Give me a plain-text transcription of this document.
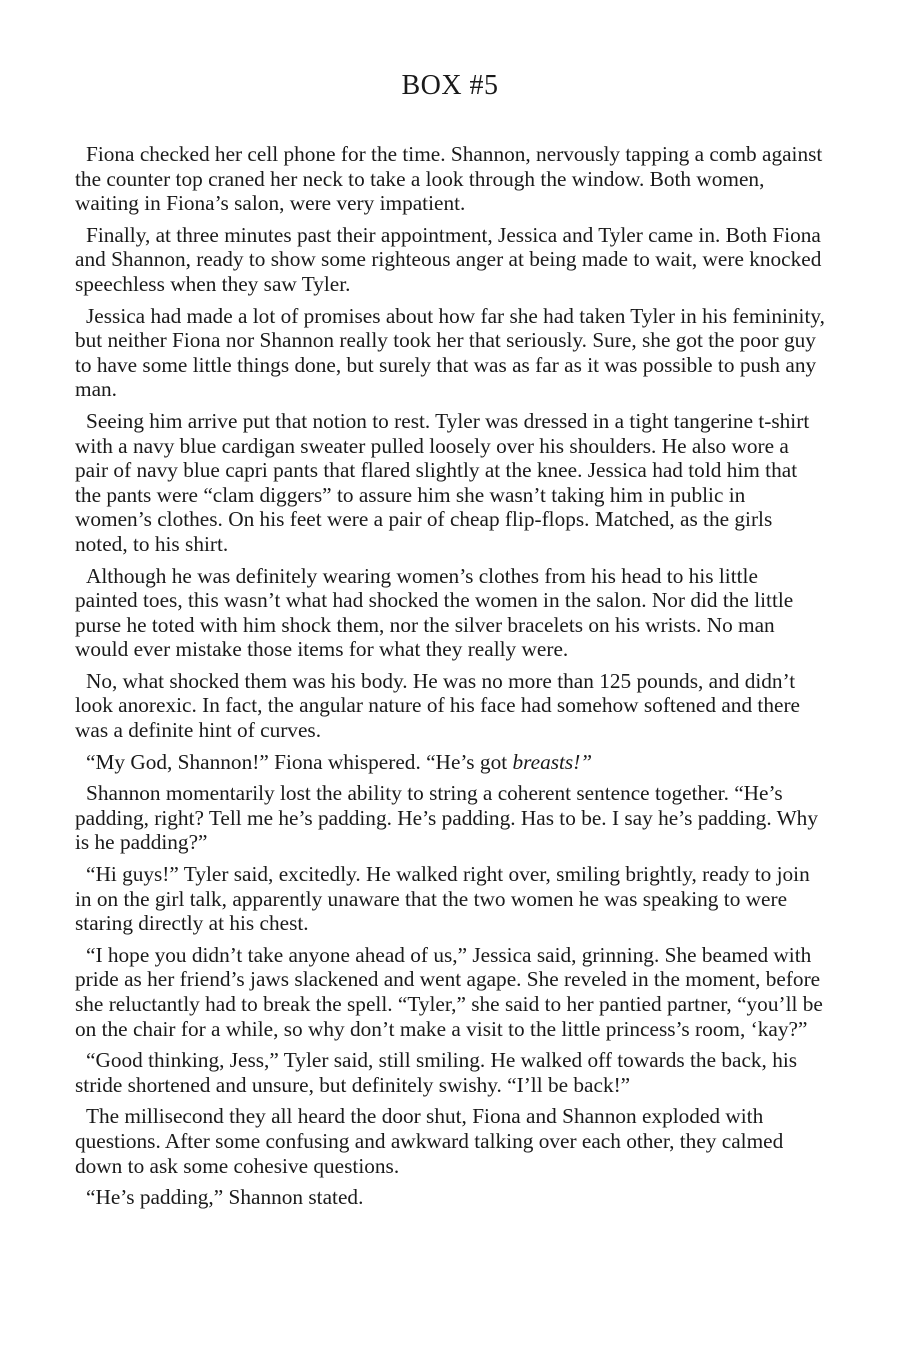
BOX #5

Fiona checked her cell phone for the time. Shannon, nervously tapping a comb against the counter top craned her neck to take a look through the window. Both women, waiting in Fiona’s salon, were very impatient.

Finally, at three minutes past their appointment, Jessica and Tyler came in. Both Fiona and Shannon, ready to show some righteous anger at being made to wait, were knocked speechless when they saw Tyler.

Jessica had made a lot of promises about how far she had taken Tyler in his femininity, but neither Fiona nor Shannon really took her that seriously. Sure, she got the poor guy to have some little things done, but surely that was as far as it was possible to push any man.

Seeing him arrive put that notion to rest. Tyler was dressed in a tight tangerine t-shirt with a navy blue cardigan sweater pulled loosely over his shoulders. He also wore a pair of navy blue capri pants that flared slightly at the knee. Jessica had told him that the pants were “clam diggers” to assure him she wasn’t taking him in public in women’s clothes. On his feet were a pair of cheap flip-flops. Matched, as the girls noted, to his shirt.

Although he was definitely wearing women’s clothes from his head to his little painted toes, this wasn’t what had shocked the women in the salon. Nor did the little purse he toted with him shock them, nor the silver bracelets on his wrists. No man would ever mistake those items for what they really were.

No, what shocked them was his body. He was no more than 125 pounds, and didn’t look anorexic. In fact, the angular nature of his face had somehow softened and there was a definite hint of curves.

“My God, Shannon!” Fiona whispered. “He’s got breasts!”

Shannon momentarily lost the ability to string a coherent sentence together. “He’s padding, right? Tell me he’s padding. He’s padding. Has to be. I say he’s padding. Why is he padding?”

“Hi guys!” Tyler said, excitedly. He walked right over, smiling brightly, ready to join in on the girl talk, apparently unaware that the two women he was speaking to were staring directly at his chest.

“I hope you didn’t take anyone ahead of us,” Jessica said, grinning. She beamed with pride as her friend’s jaws slackened and went agape. She reveled in the moment, before she reluctantly had to break the spell. “Tyler,” she said to her pantied partner, “you’ll be on the chair for a while, so why don’t make a visit to the little princess’s room, ‘kay?”

“Good thinking, Jess,” Tyler said, still smiling. He walked off towards the back, his stride shortened and unsure, but definitely swishy. “I’ll be back!”

The millisecond they all heard the door shut, Fiona and Shannon exploded with questions. After some confusing and awkward talking over each other, they calmed down to ask some cohesive questions.

“He’s padding,” Shannon stated.
